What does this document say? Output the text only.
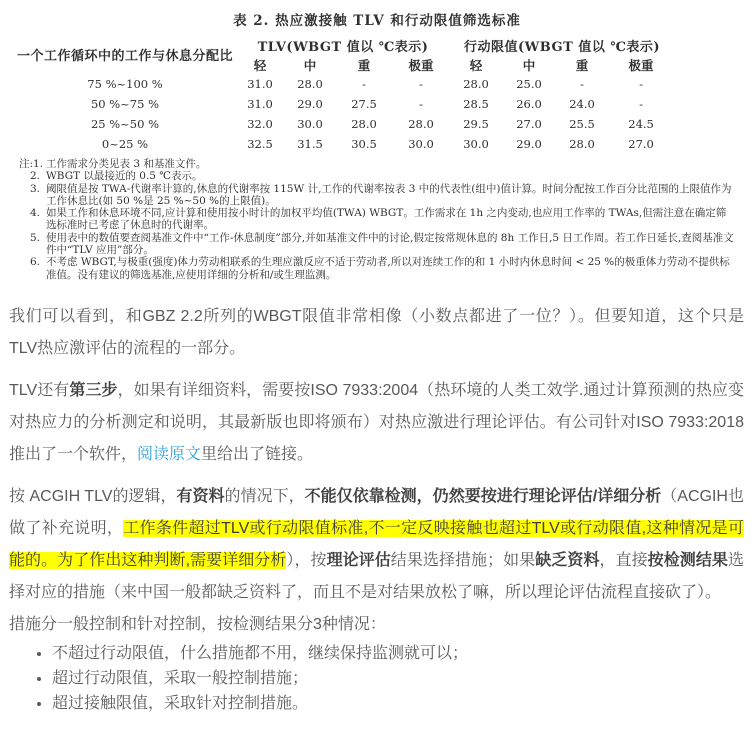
表 2. 热应激接触 TLV 和行动限值筛选标准
一个工作循环中的工作与休息分配比	TLV(WBGT 值以 ℃表示)				行动限值(WBGT 值以 ℃表示)			
	轻	中	重	极重	轻	中	重	极重
75 %~100 %	31.0	28.0	-	-	28.0	25.0	-	-
50 %~75 %	31.0	29.0	27.5	-	28.5	26.0	24.0	-
25 %~50 %	32.0	30.0	28.0	28.0	29.5	27.0	25.5	24.5
0~25 %	32.5	31.5	30.5	30.0	30.0	29.0	28.0	27.0
注:1. 工作需求分类见表 3 和基准文件。
2. WBGT 以最接近的 0.5 ℃表示。
3. 阈限值是按 TWA-代谢率计算的,休息的代谢率按 115W 计,工作的代谢率按表 3 中的代表性(组中)值计算。时间分配按工作百分比范围的上限值作为工作休息比(如 50 %是 25 %~50 %的上限值)。
4. 如果工作和休息环境不同,应计算和使用按小时计的加权平均值(TWA) WBGT。工作需求在 1h 之内变动,也应用工作率的 TWAs,但需注意在确定筛选标准时已考虑了休息时的代谢率。
5. 使用表中的数值要查阅基准文件中“工作-休息制度”部分,并如基准文件中的讨论,假定按常规休息的 8h 工作日,5 日工作周。若工作日延长,查阅基准文件中“TLV 应用”部分。
6. 不考虑 WBGT,与极重(强度)体力劳动相联系的生理应激反应不适于劳动者,所以对连续工作的和 1 小时内休息时间 < 25 %的极重体力劳动不提供标准值。没有建议的筛选基准,应使用详细的分析和/或生理监测。

我们可以看到，和GBZ 2.2所列的WBGT限值非常相像（小数点都进了一位？）。但要知道，这个只是TLV热应激评估的流程的一部分。

TLV还有第三步，如果有详细资料，需要按ISO 7933:2004（热环境的人类工效学.通过计算预测的热应变对热应力的分析测定和说明，其最新版也即将颁布）对热应激进行理论评估。有公司针对ISO 7933:2018推出了一个软件，阅读原文里给出了链接。

按 ACGIH TLV的逻辑，有资料的情况下，不能仅依靠检测，仍然要按进行理论评估/详细分析（ACGIH也做了补充说明，工作条件超过TLV或行动限值标准,不一定反映接触也超过TLV或行动限值,这种情况是可能的。为了作出这种判断,需要详细分析），按理论评估结果选择措施；如果缺乏资料，直接按检测结果选择对应的措施（来中国一般都缺乏资料了，而且不是对结果放松了嘛，所以理论评估流程直接砍了）。

措施分一般控制和针对控制，按检测结果分3种情况：

• 不超过行动限值，什么措施都不用，继续保持监测就可以；
• 超过行动限值，采取一般控制措施；
• 超过接触限值，采取针对控制措施。
